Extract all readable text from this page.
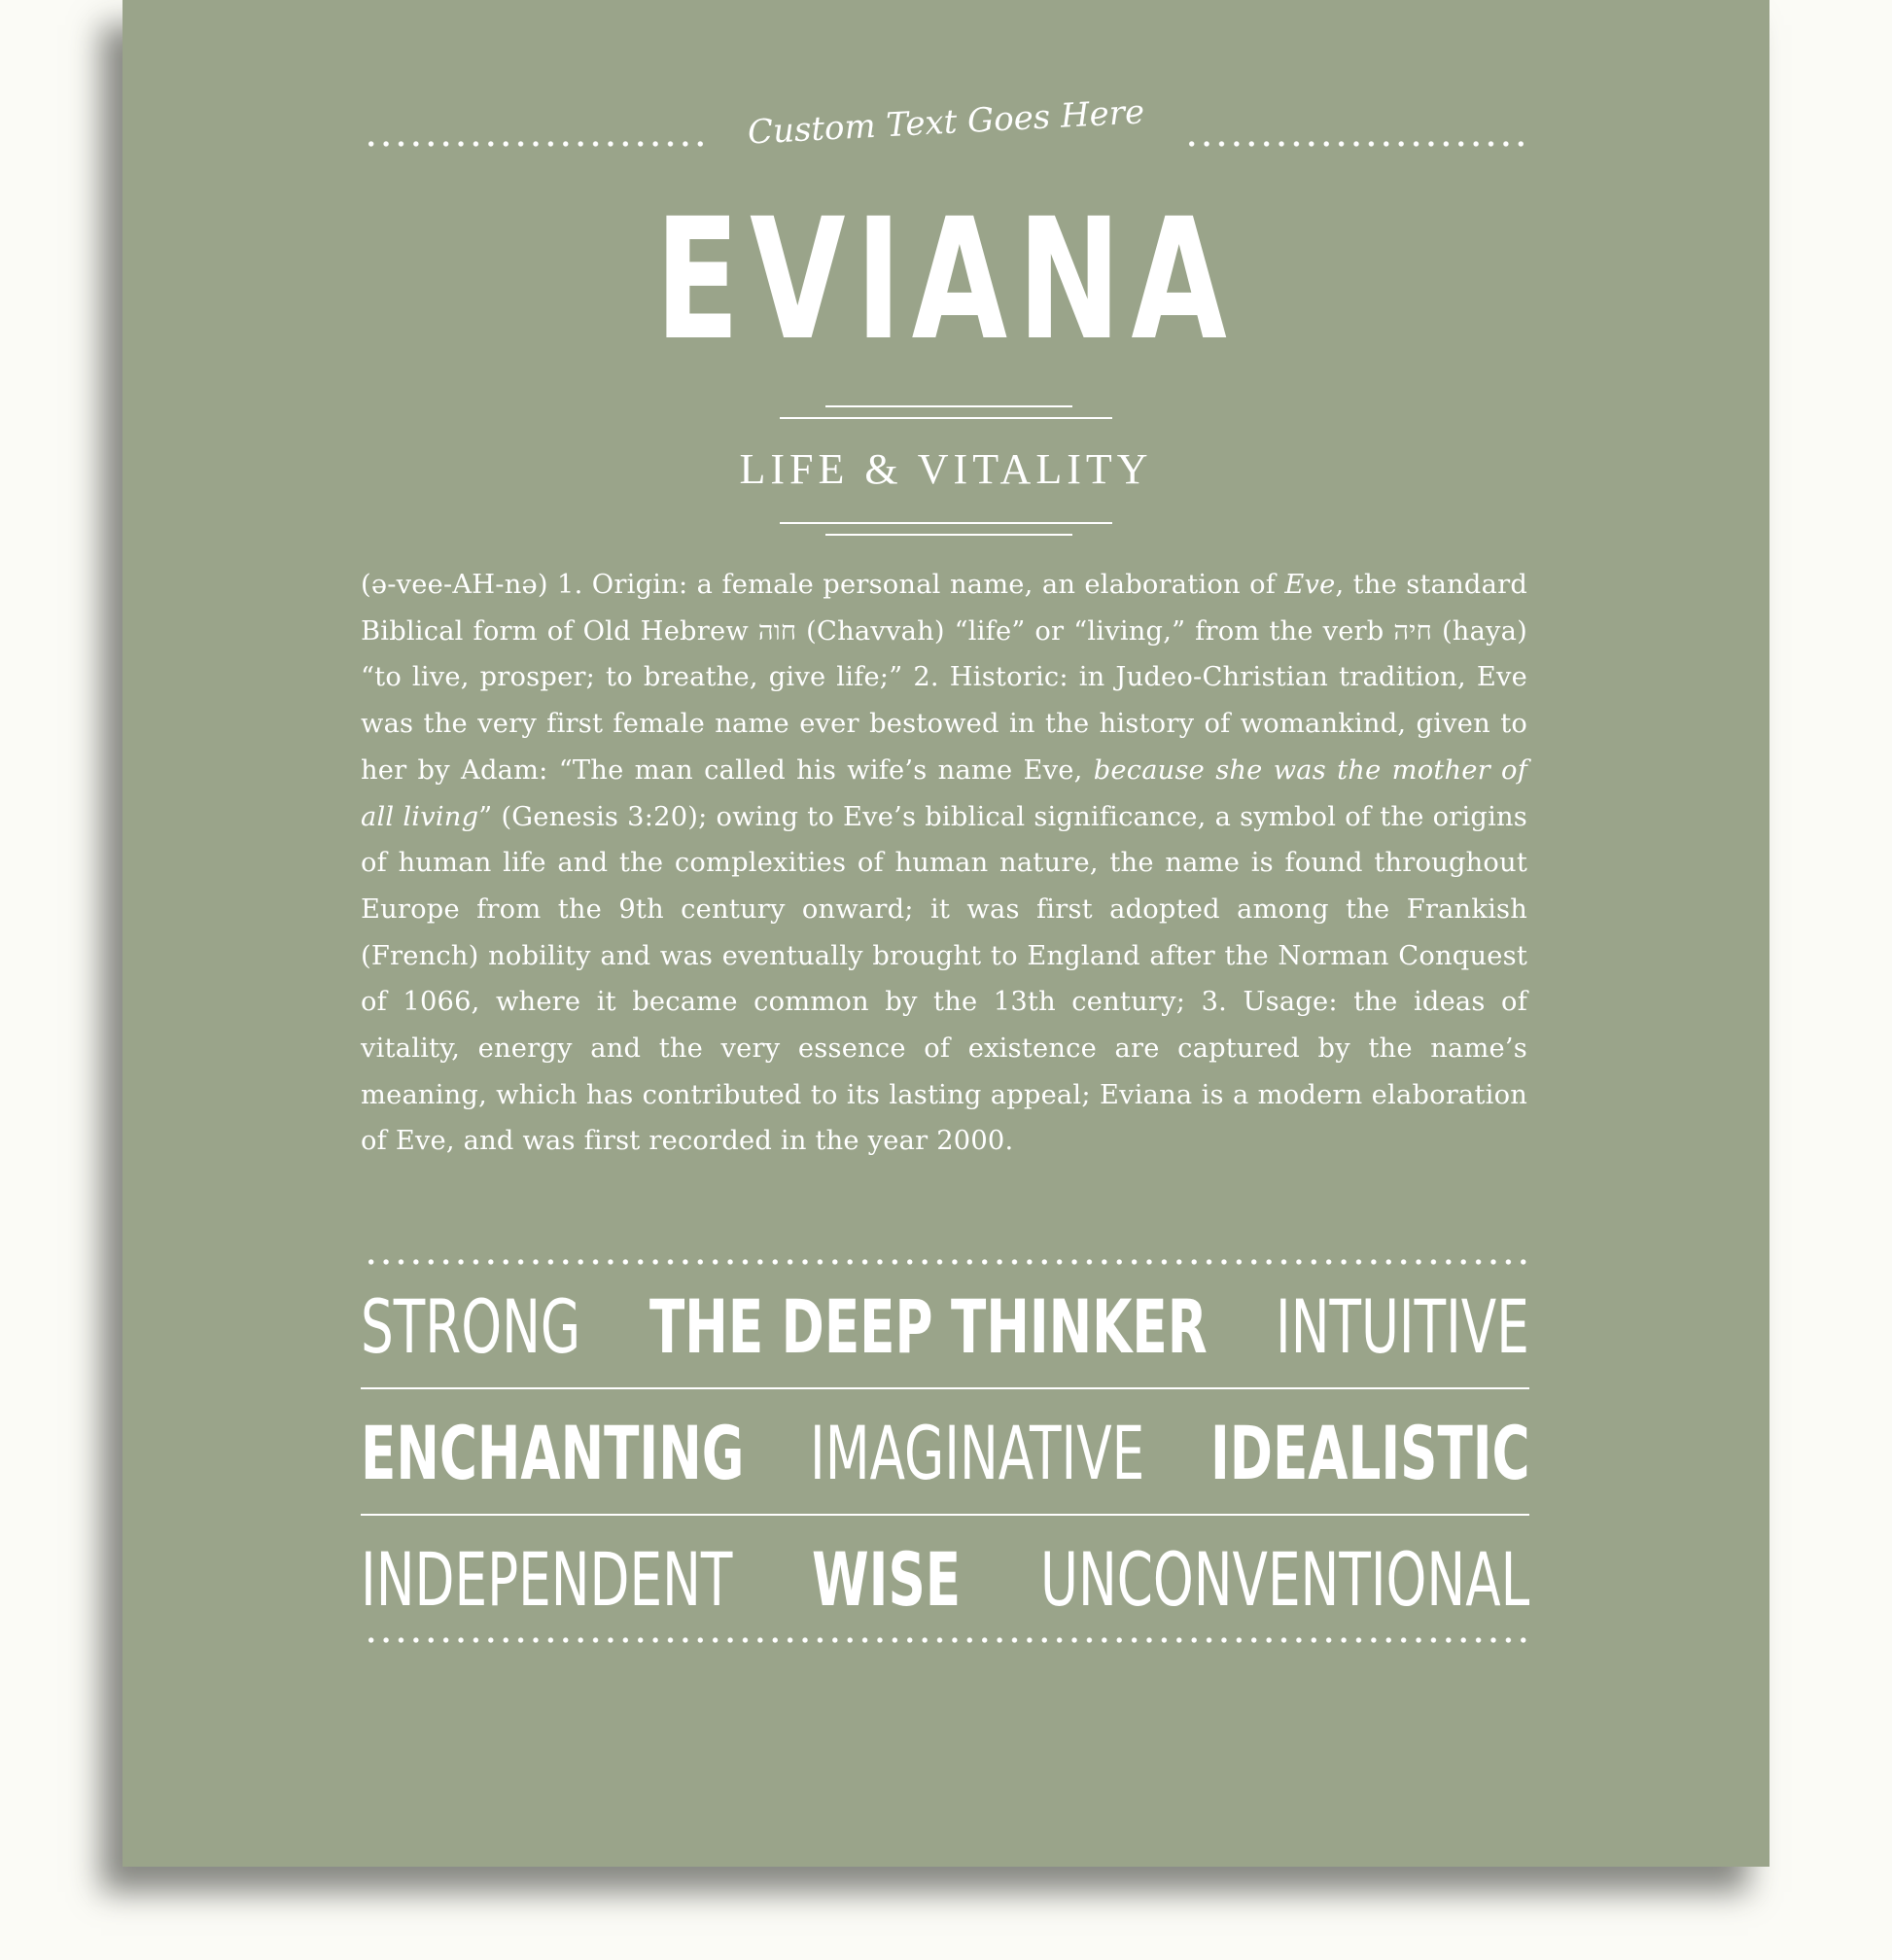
Custom Text Goes Here
EVIANA
LIFE & VITALITY
(ə-vee-AH-nə) 1. Origin: a female personal name, an elaboration of Eve, the standard Biblical form of Old Hebrew חוה (Chavvah) “life” or “living,” from the verb חיה (haya) “to live, prosper; to breathe, give life;” 2. Historic: in Judeo-Christian tradition, Eve was the very first female name ever bestowed in the history of womankind, given to her by Adam: “The man called his wife’s name Eve, because she was the mother of all living” (Genesis 3:20); owing to Eve’s biblical significance, a symbol of the origins of human life and the complexities of human nature, the name is found throughout Europe from the 9th century onward; it was first adopted among the Frankish (French) nobility and was eventually brought to England after the Norman Conquest of 1066, where it became common by the 13th century; 3. Usage: the ideas of vitality, energy and the very essence of existence are captured by the name’s meaning, which has contributed to its lasting appeal; Eviana is a modern elaboration of Eve, and was first recorded in the year 2000.
STRONG THE DEEP THINKER INTUITIVE
ENCHANTING IMAGINATIVE IDEALISTIC
INDEPENDENT WISE UNCONVENTIONAL
